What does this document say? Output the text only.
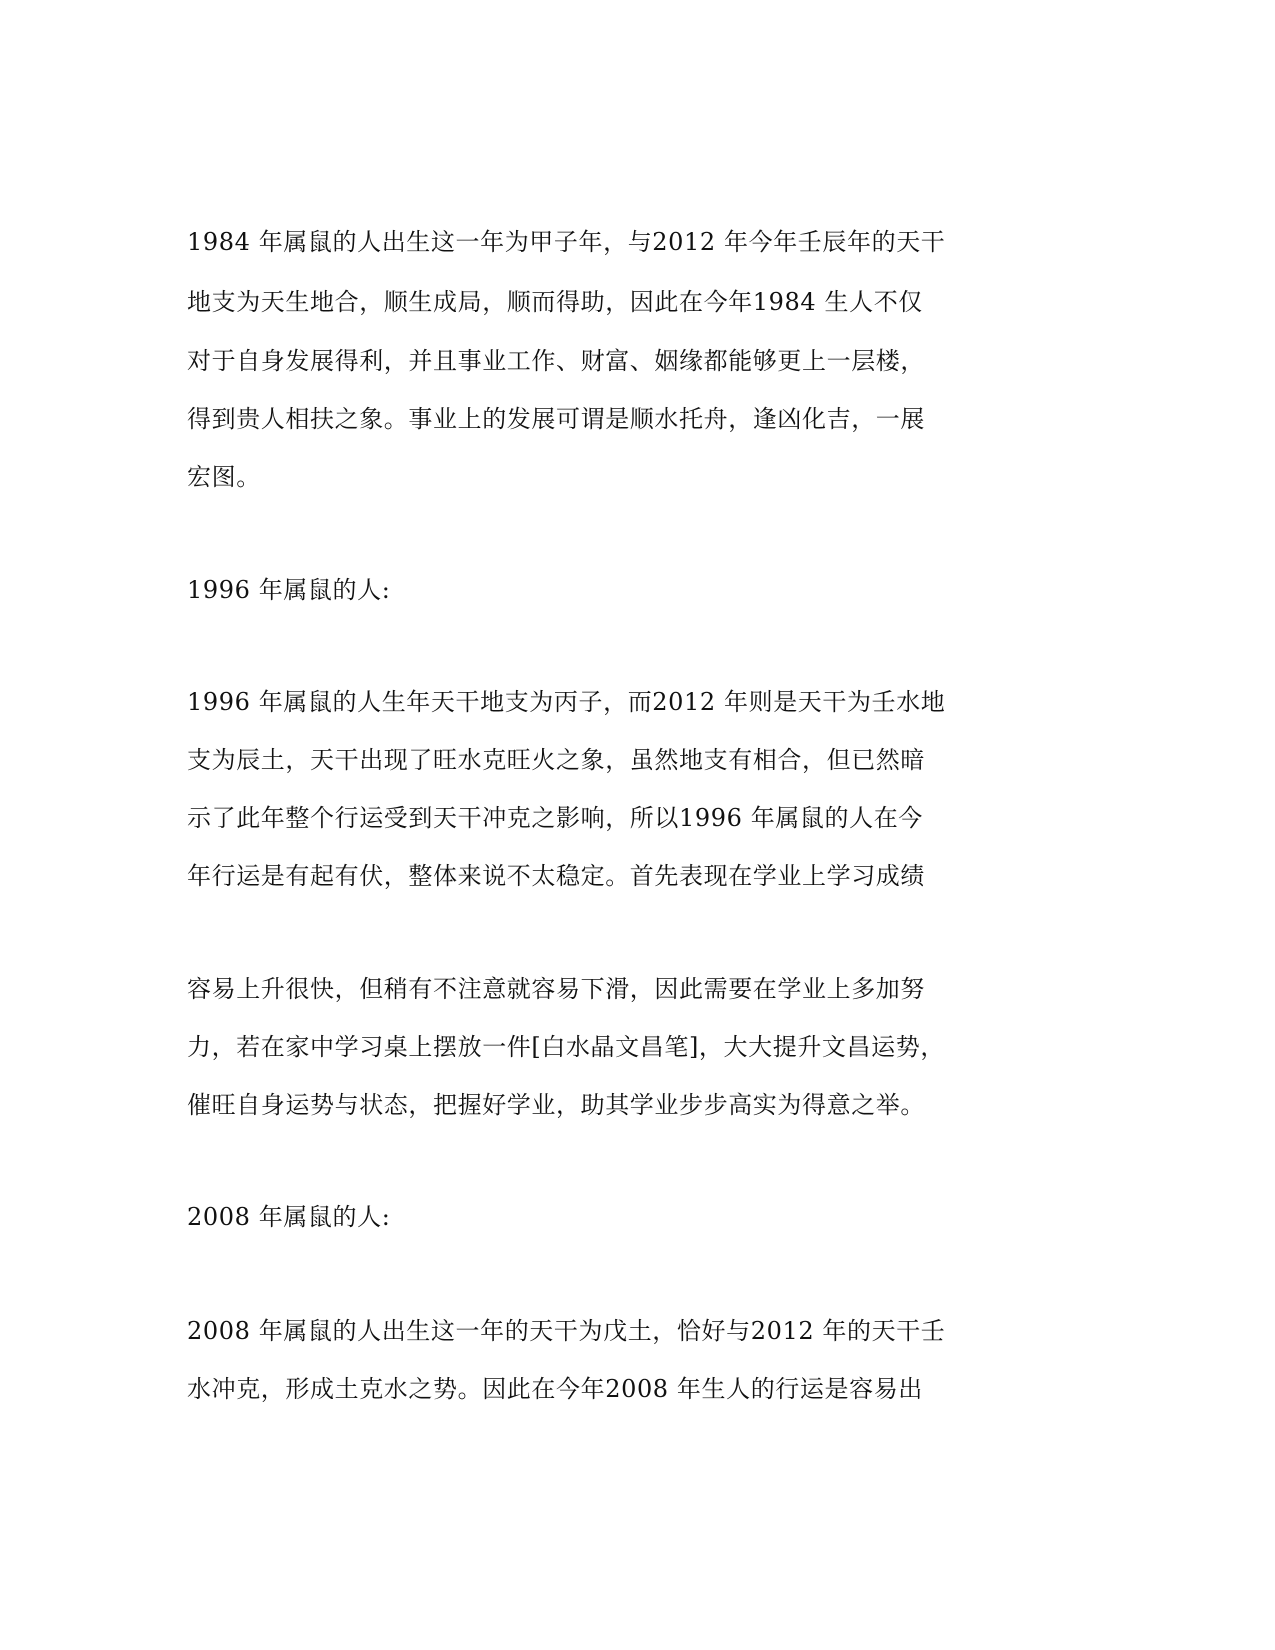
1984 年属鼠的人出生这一年为甲子年，与2012 年今年壬辰年的天干
地支为天生地合，顺生成局，顺而得助，因此在今年1984 生人不仅
对于自身发展得利，并且事业工作、财富、姻缘都能够更上一层楼，
得到贵人相扶之象。事业上的发展可谓是顺水托舟，逢凶化吉，一展
宏图。
1996 年属鼠的人:
1996 年属鼠的人生年天干地支为丙子，而2012 年则是天干为壬水地
支为辰土，天干出现了旺水克旺火之象，虽然地支有相合，但已然暗
示了此年整个行运受到天干冲克之影响，所以1996 年属鼠的人在今
年行运是有起有伏，整体来说不太稳定。首先表现在学业上学习成绩
容易上升很快，但稍有不注意就容易下滑，因此需要在学业上多加努
力，若在家中学习桌上摆放一件[白水晶文昌笔]，大大提升文昌运势，
催旺自身运势与状态，把握好学业，助其学业步步高实为得意之举。
2008 年属鼠的人:
2008 年属鼠的人出生这一年的天干为戊土，恰好与2012 年的天干壬
水冲克，形成土克水之势。因此在今年2008 年生人的行运是容易出
